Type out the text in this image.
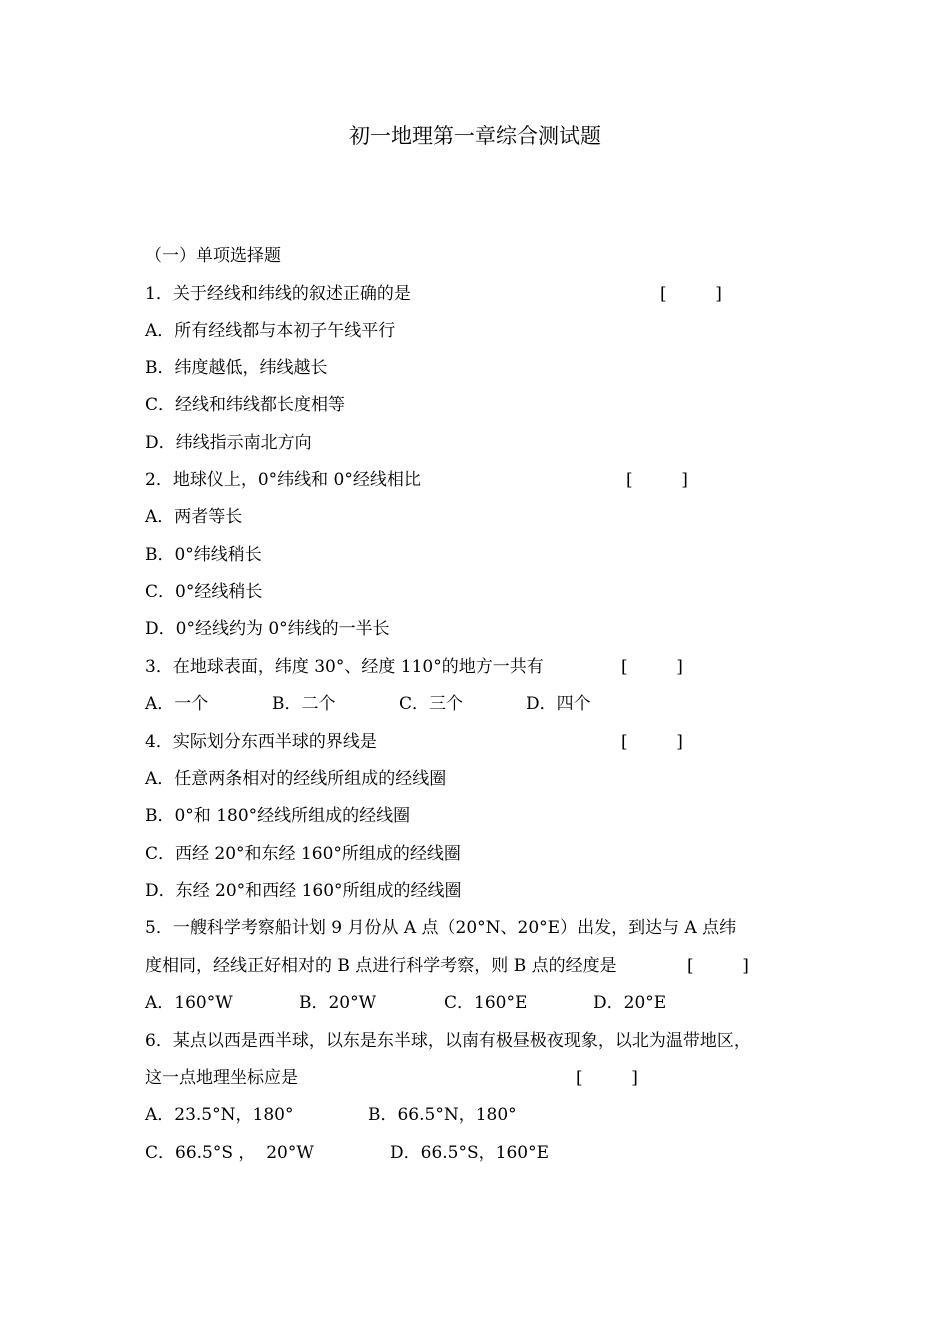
初一地理第一章综合测试题
（一）单项选择题
1．关于经线和纬线的叙述正确的是	[         ]
A．所有经线都与本初子午线平行
B．纬度越低，纬线越长
C．经线和纬线都长度相等
D．纬线指示南北方向
2．地球仪上，0°纬线和 0°经线相比	[         ]
A．两者等长
B．0°纬线稍长
C．0°经线稍长
D．0°经线约为 0°纬线的一半长
3．在地球表面，纬度 30°、经度 110°的地方一共有	[         ]
A．一个	B．二个	C．三个	D．四个
4．实际划分东西半球的界线是	[         ]
A．任意两条相对的经线所组成的经线圈
B．0°和 180°经线所组成的经线圈
C．西经 20°和东经 160°所组成的经线圈
D．东经 20°和西经 160°所组成的经线圈
5．一艘科学考察船计划 9 月份从 A 点（20°N、20°E）出发，到达与 A 点纬
度相同，经线正好相对的 B 点进行科学考察，则 B 点的经度是	[         ]
A．160°W	B．20°W	C．160°E	D．20°E
6．某点以西是西半球，以东是东半球，以南有极昼极夜现象，以北为温带地区，
这一点地理坐标应是	[         ]
A．23.5°N，180°	B．66.5°N，180°
C．66.5°S ，  20°W	D．66.5°S，160°E
